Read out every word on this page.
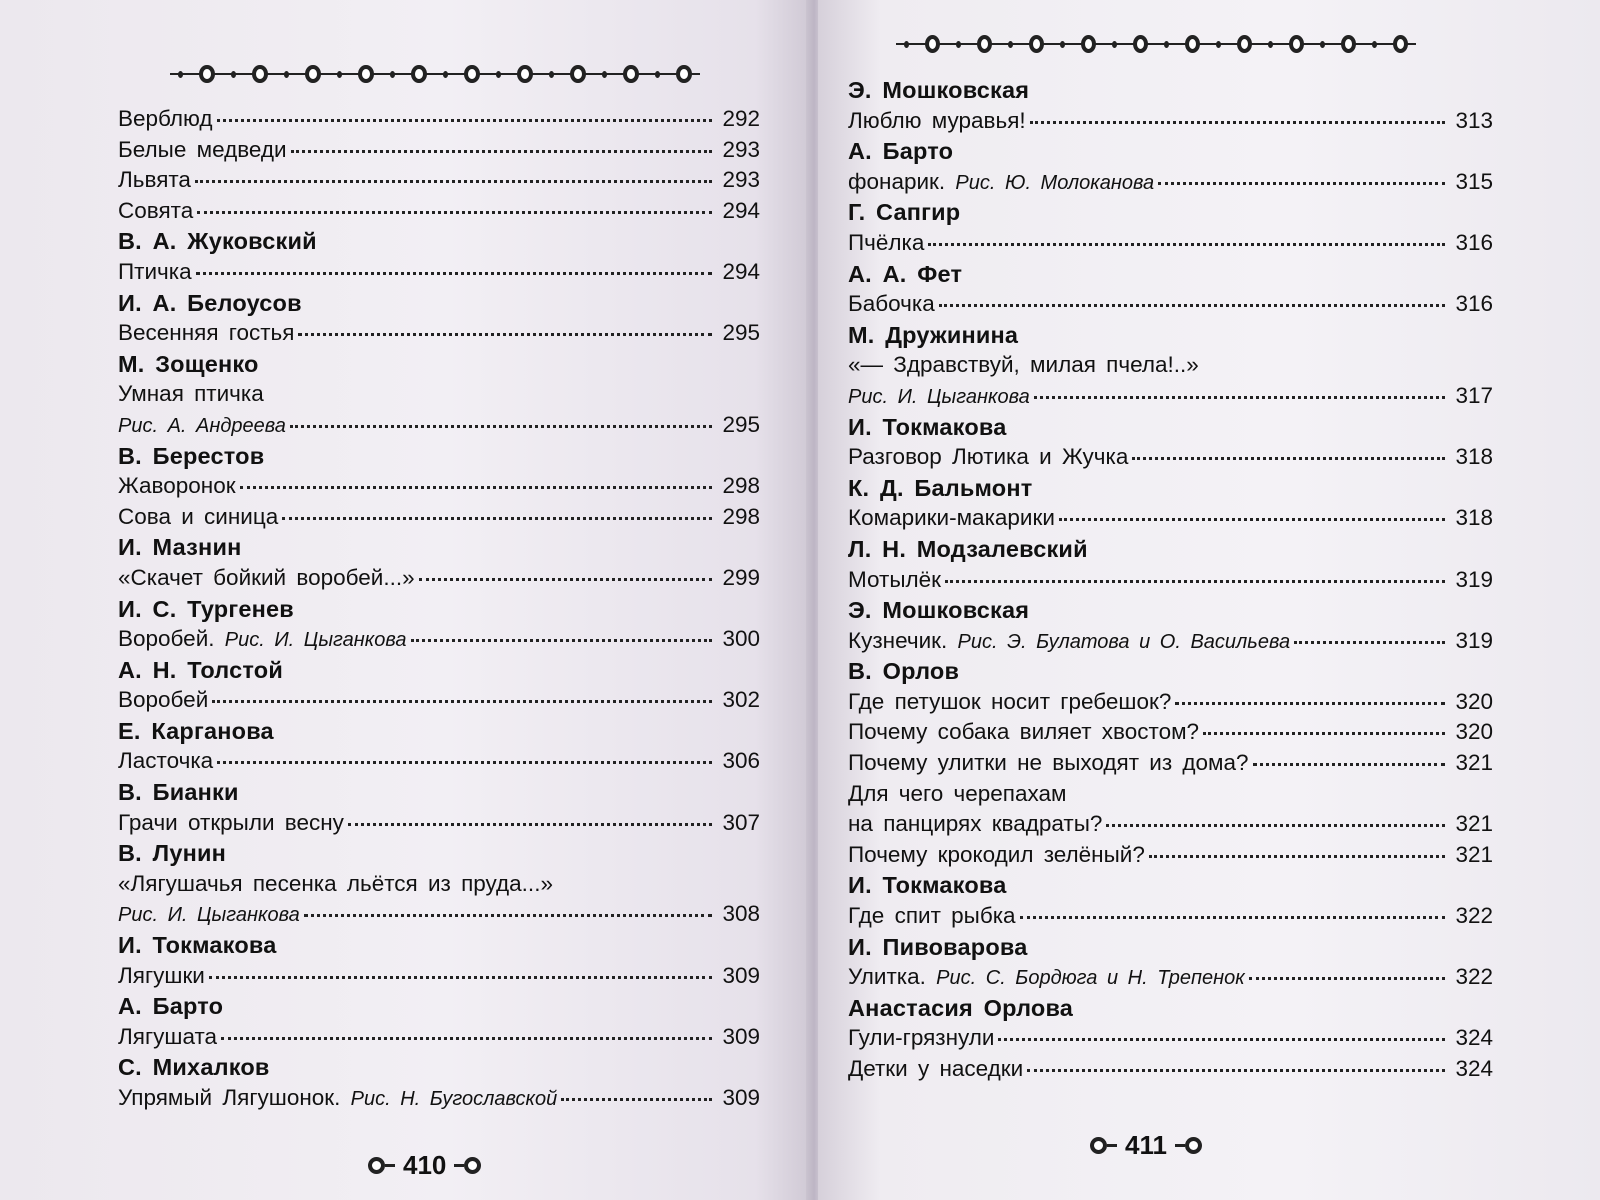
Верблюд	292
Белые медведи	293
Львята	293
Совята	294
В. А. Жуковский
Птичка	294
И. А. Белоусов
Весенняя гостья	295
М. Зощенко
Умная птичка
Рис. А. Андреева	295
В. Берестов
Жаворонок	298
Сова и синица	298
И. Мазнин
«Скачет бойкий воробей...»	299
И. С. Тургенев
Воробей. Рис. И. Цыганкова	300
А. Н. Толстой
Воробей	302
Е. Карганова
Ласточка	306
В. Бианки
Грачи открыли весну	307
В. Лунин
«Лягушачья песенка льётся из пруда...»
Рис. И. Цыганкова	308
И. Токмакова
Лягушки	309
А. Барто
Лягушата	309
С. Михалков
Упрямый Лягушонок. Рис. Н. Бугославской	309
410
Э. Мошковская
Люблю муравья!	313
А. Барто
фонарик. Рис. Ю. Молоканова	315
Г. Сапгир
Пчёлка	316
А. А. Фет
Бабочка	316
М. Дружинина
«— Здравствуй, милая пчела!..»
Рис. И. Цыганкова	317
И. Токмакова
Разговор Лютика и Жучка	318
К. Д. Бальмонт
Комарики-макарики	318
Л. Н. Модзалевский
Мотылёк	319
Э. Мошковская
Кузнечик. Рис. Э. Булатова и О. Васильева	319
В. Орлов
Где петушок носит гребешок?	320
Почему собака виляет хвостом?	320
Почему улитки не выходят из дома?	321
Для чего черепахам
на панцирях квадраты?	321
Почему крокодил зелёный?	321
И. Токмакова
Где спит рыбка	322
И. Пивоварова
Улитка. Рис. С. Бордюга и Н. Трепенок	322
Анастасия Орлова
Гули-грязнули	324
Детки у наседки	324
411
